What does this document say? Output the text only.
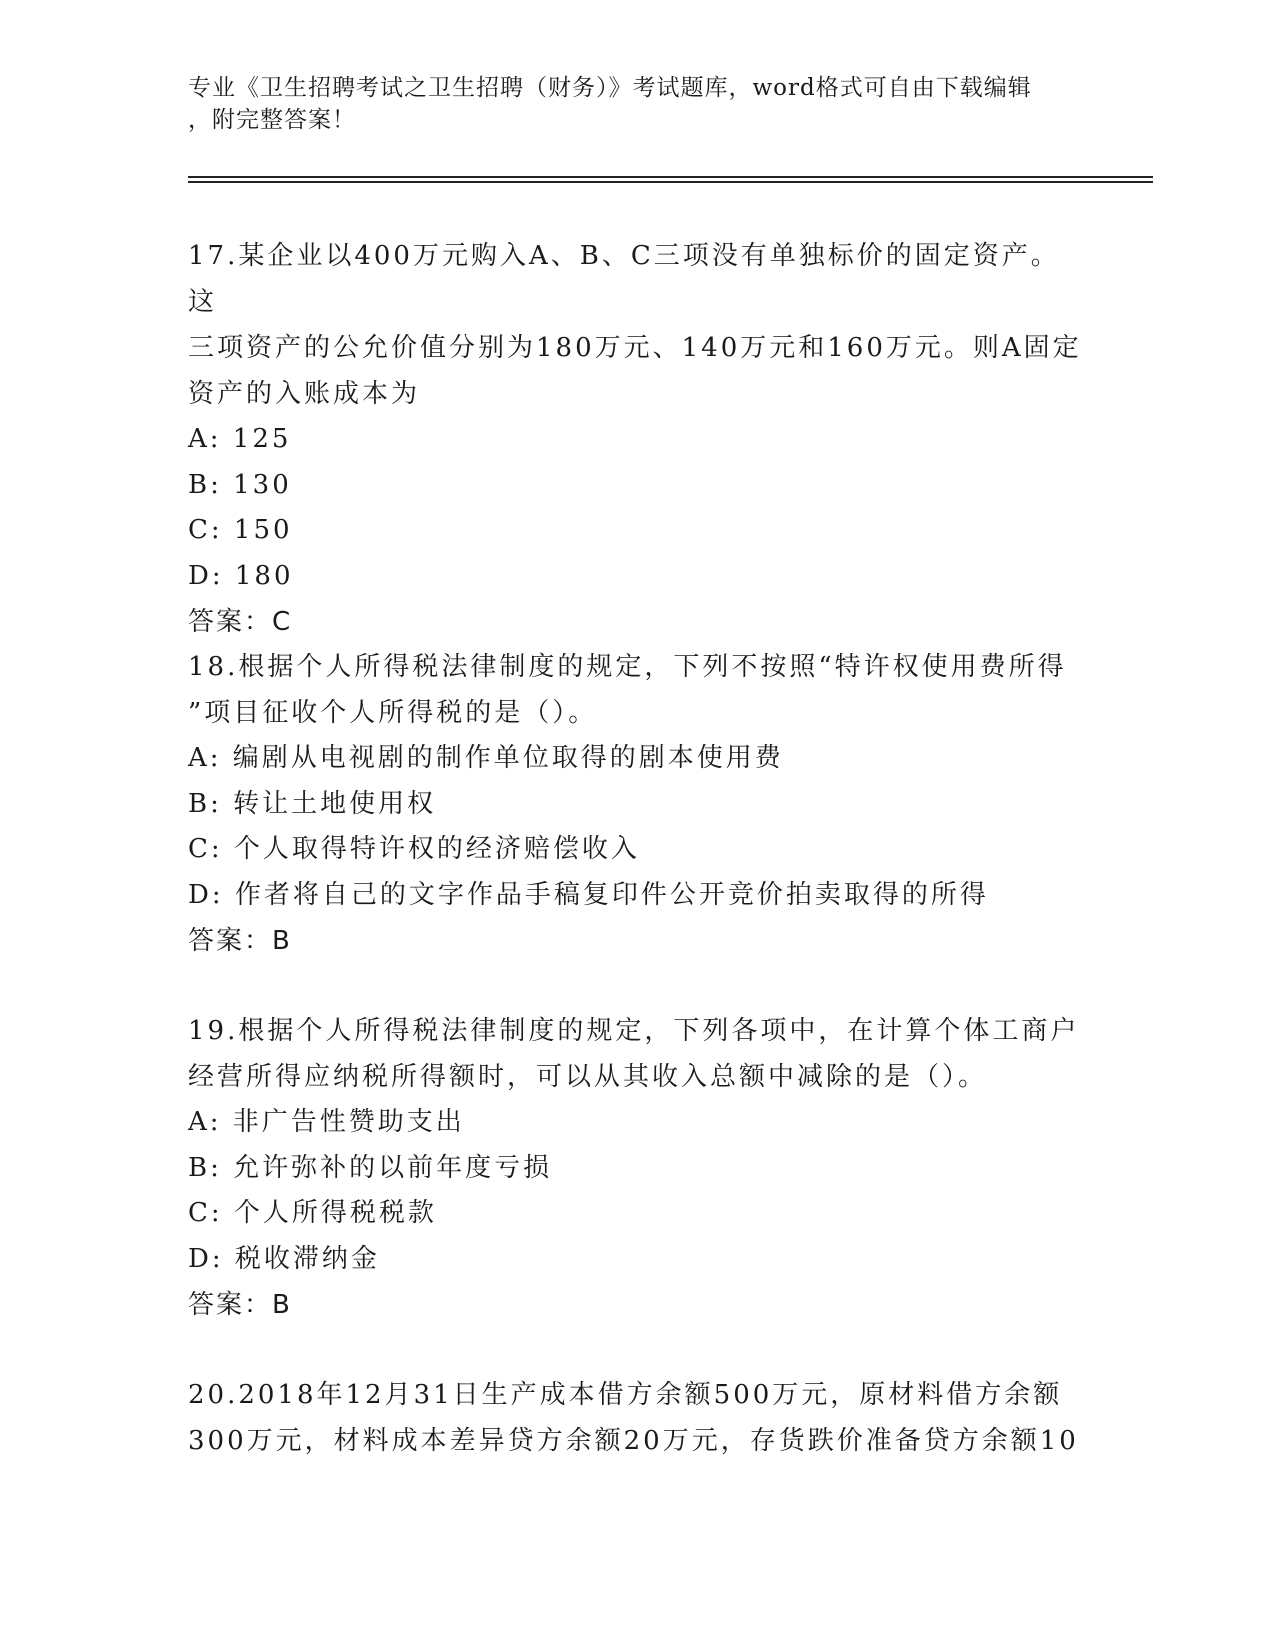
专业《卫生招聘考试之卫生招聘（财务）》考试题库，word格式可自由下载编辑
，附完整答案！
17.某企业以400万元购入A、B、C三项没有单独标价的固定资产。这
三项资产的公允价值分别为180万元、140万元和160万元。则A固定
资产的入账成本为
A: 125
B: 130
C: 150
D: 180
答案：C
18.根据个人所得税法律制度的规定，下列不按照“特许权使用费所得
”项目征收个人所得税的是（）。
A: 编剧从电视剧的制作单位取得的剧本使用费
B: 转让土地使用权
C: 个人取得特许权的经济赔偿收入
D: 作者将自己的文字作品手稿复印件公开竞价拍卖取得的所得
答案：B
19.根据个人所得税法律制度的规定，下列各项中，在计算个体工商户
经营所得应纳税所得额时，可以从其收入总额中减除的是（）。
A: 非广告性赞助支出
B: 允许弥补的以前年度亏损
C: 个人所得税税款
D: 税收滞纳金
答案：B
20.2018年12月31日生产成本借方余额500万元，原材料借方余额
300万元，材料成本差异贷方余额20万元，存货跌价准备贷方余额10
